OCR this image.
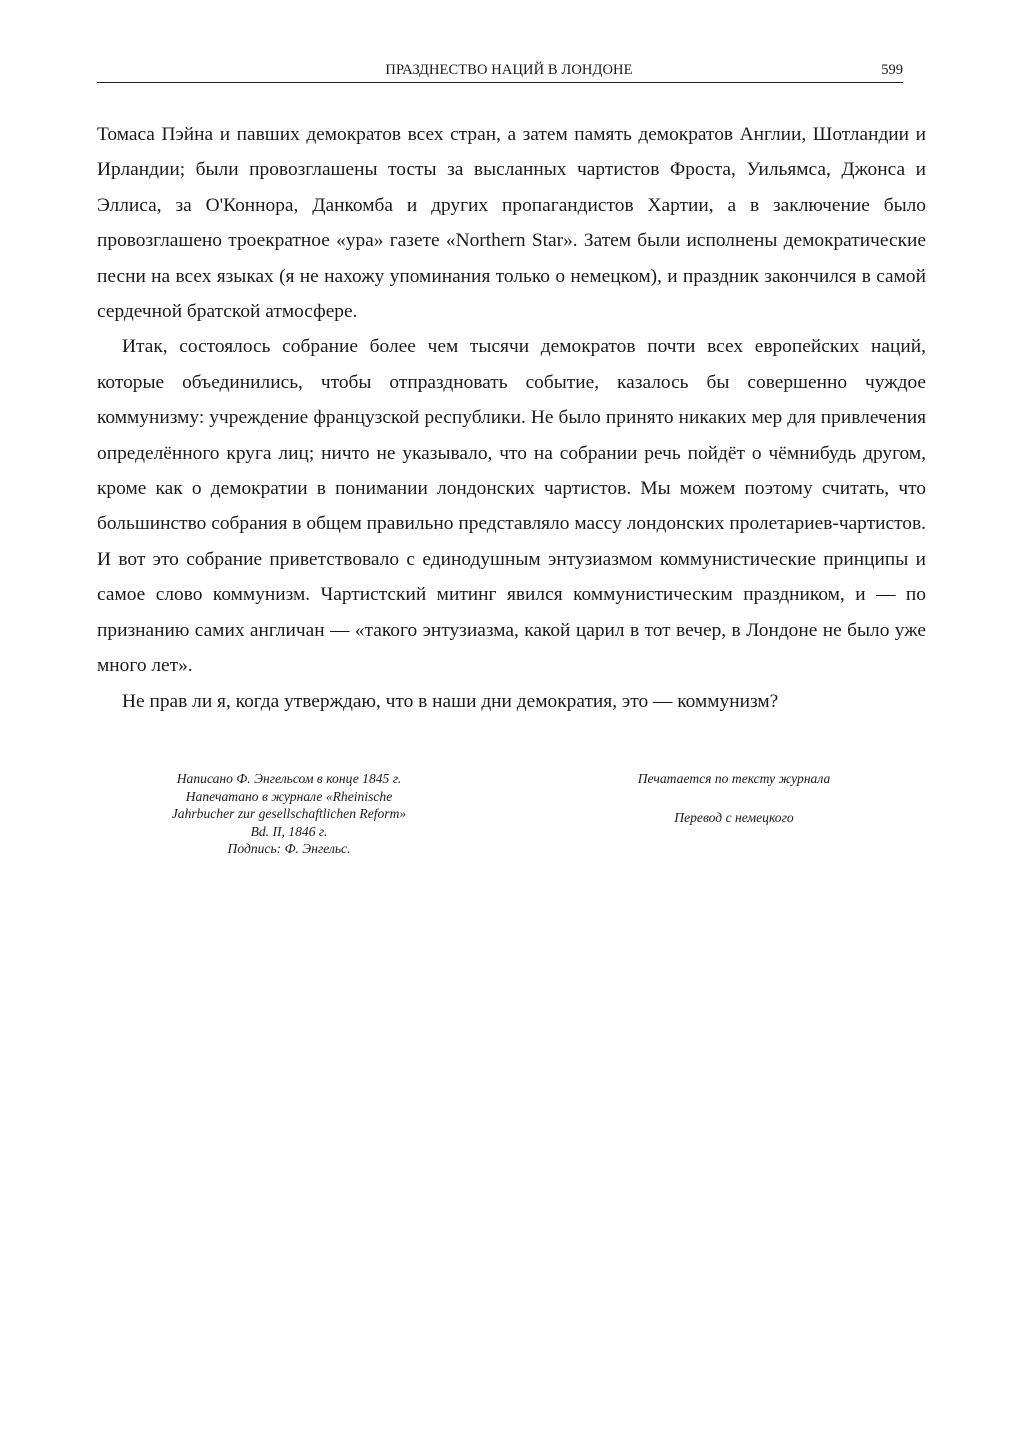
ПРАЗДНЕСТВО НАЦИЙ В ЛОНДОНЕ	599

Томаса Пэйна и павших демократов всех стран, а затем память демократов Англии, Шотландии и Ирландии; были провозглашены тосты за высланных чартистов Фроста, Уильямса, Джонса и Эллиса, за О'Коннора, Данкомба и других пропагандистов Хартии, а в заключение было провозглашено троекратное «ура» газете «Northern Star». Затем были исполнены демократические песни на всех языках (я не нахожу упоминания только о немецком), и праздник закончился в самой сердечной братской атмосфере.

Итак, состоялось собрание более чем тысячи демократов почти всех европейских наций, которые объединились, чтобы отпраздновать событие, казалось бы совершенно чуждое коммунизму: учреждение французской республики. Не было принято никаких мер для привлечения определённого круга лиц; ничто не указывало, что на собрании речь пойдёт о чёмнибудь другом, кроме как о демократии в понимании лондонских чартистов. Мы можем поэтому считать, что большинство собрания в общем правильно представляло массу лондонских пролетариев-чартистов. И вот это собрание приветствовало с единодушным энтузиазмом коммунистические принципы и самое слово коммунизм. Чартистский митинг явился коммунистическим праздником, и — по признанию самих англичан — «такого энтузиазма, какой царил в тот вечер, в Лондоне не было уже много лет».

Не прав ли я, когда утверждаю, что в наши дни демократия, это — коммунизм?

Написано Ф. Энгельсом в конце 1845 г.
Напечатано в журнале «Rheinische
Jahrbucher zur gesellschaftlichen Reform»
Bd. II, 1846 г.
Подпись: Ф. Энгельс.
Печатается по тексту журнала
Перевод с немецкого
